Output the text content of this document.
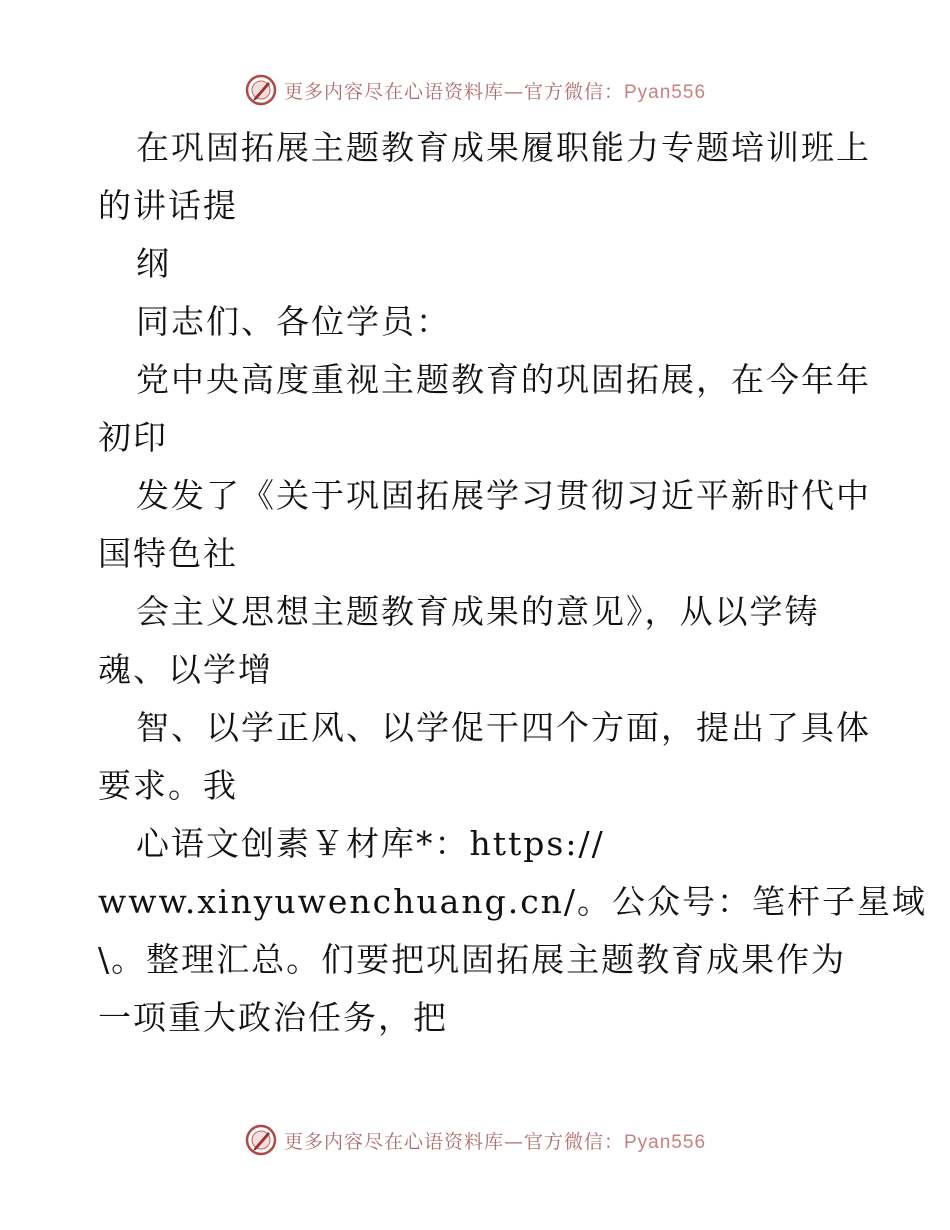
更多内容尽在心语资料库—官方微信：Pyan556
在巩固拓展主题教育成果履职能力专题培训班上
的讲话提
纲
同志们、各位学员：
党中央高度重视主题教育的巩固拓展，在今年年
初印
发发了《关于巩固拓展学习贯彻习近平新时代中
国特色社
会主义思想主题教育成果的意见》，从以学铸
魂、以学增
智、以学正风、以学促干四个方面，提出了具体
要求。我
心语文创素￥材库*：https://
www.xinyuwenchuang.cn/。公众号：笔杆子星域
\。整理汇总。们要把巩固拓展主题教育成果作为
一项重大政治任务，把
更多内容尽在心语资料库—官方微信：Pyan556
